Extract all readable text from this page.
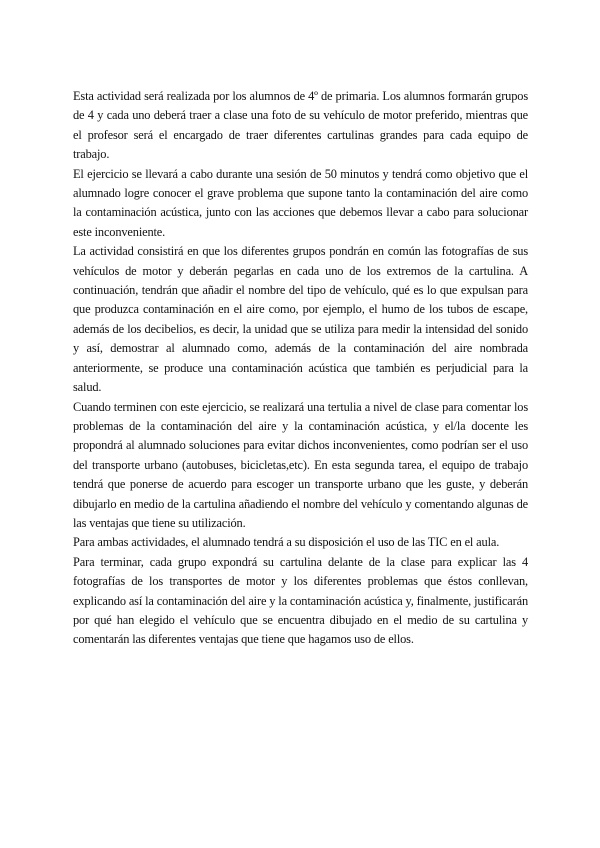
Esta actividad será realizada por los alumnos de 4º de primaria. Los alumnos formarán grupos de 4 y cada uno deberá traer a clase una foto de su vehículo de motor preferido, mientras que el profesor será el encargado de traer diferentes cartulinas grandes para cada equipo de trabajo.

El ejercicio se llevará a cabo durante una sesión de 50 minutos y tendrá como objetivo que el alumnado logre conocer el grave problema que supone tanto la contaminación del aire como la contaminación acústica, junto con las acciones que debemos llevar a cabo para solucionar este inconveniente.

La actividad consistirá en que los diferentes grupos pondrán en común las fotografías de sus vehículos de motor y deberán pegarlas en cada uno de los extremos de la cartulina. A continuación, tendrán que añadir el nombre del tipo de vehículo, qué es lo que expulsan para que produzca contaminación en el aire como, por ejemplo, el humo de los tubos de escape, además de los decibelios, es decir, la unidad que se utiliza para medir la intensidad del sonido y así, demostrar al alumnado como, además de la contaminación del aire nombrada anteriormente, se produce una contaminación acústica que también es perjudicial para la salud.

Cuando terminen con este ejercicio, se realizará una tertulia a nivel de clase para comentar los problemas de la contaminación del aire y la contaminación acústica, y el/la docente les propondrá al alumnado soluciones para evitar dichos inconvenientes, como podrían ser el uso del transporte urbano (autobuses, bicicletas,etc). En esta segunda tarea, el equipo de trabajo tendrá que ponerse de acuerdo para escoger un transporte urbano que les guste, y deberán dibujarlo en medio de la cartulina añadiendo el nombre del vehículo y comentando algunas de las ventajas que tiene su utilización.

Para ambas actividades, el alumnado tendrá a su disposición el uso de las TIC en el aula.

Para terminar, cada grupo expondrá su cartulina delante de la clase para explicar las 4 fotografías de los transportes de motor y los diferentes problemas que éstos conllevan, explicando así la contaminación del aire y la contaminación acústica y, finalmente, justificarán por qué han elegido el vehículo que se encuentra dibujado en el medio de su cartulina y comentarán las diferentes ventajas que tiene que hagamos uso de ellos.
